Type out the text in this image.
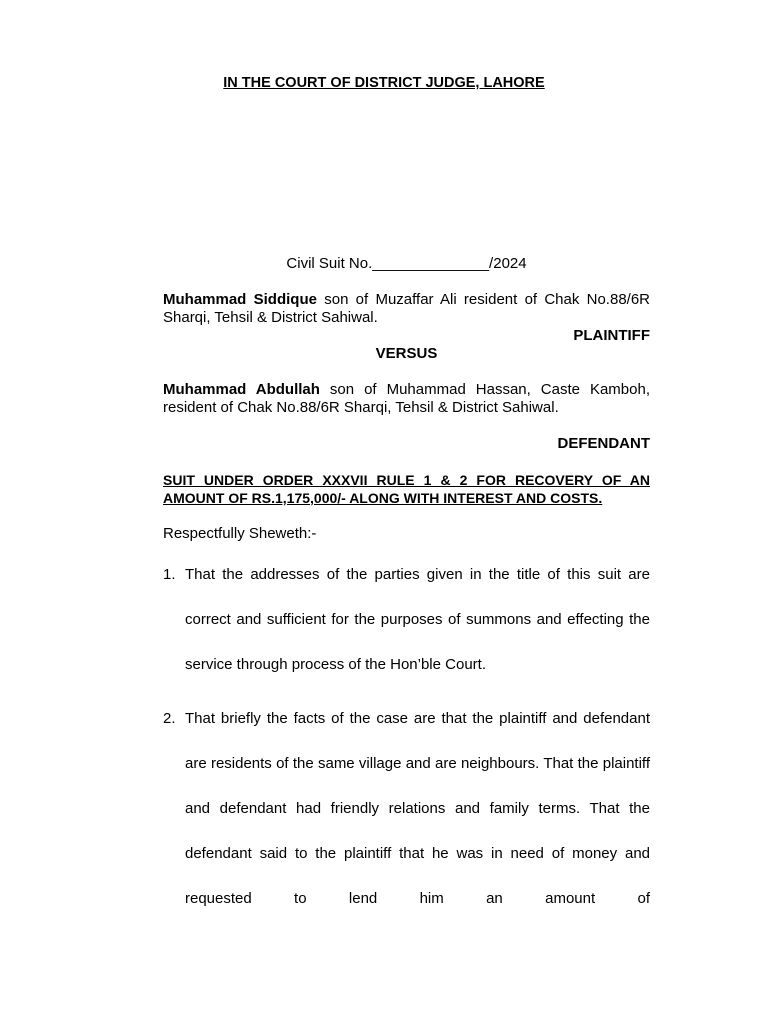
IN THE COURT OF DISTRICT JUDGE, LAHORE

Civil Suit No.______________/2024

Muhammad Siddique son of Muzaffar Ali resident of Chak No.88/6R Sharqi, Tehsil & District Sahiwal.

PLAINTIFF

VERSUS

Muhammad Abdullah son of Muhammad Hassan, Caste Kamboh, resident of Chak No.88/6R Sharqi, Tehsil & District Sahiwal.

DEFENDANT

SUIT UNDER ORDER XXXVII RULE 1 & 2 FOR RECOVERY OF AN AMOUNT OF RS.1,175,000/- ALONG WITH INTEREST AND COSTS.

Respectfully Sheweth:-

1. That the addresses of the parties given in the title of this suit are correct and sufficient for the purposes of summons and effecting the service through process of the Hon’ble Court.
2. That briefly the facts of the case are that the plaintiff and defendant are residents of the same village and are neighbours. That the plaintiff and defendant had friendly relations and family terms. That the defendant said to the plaintiff that he was in need of money and requested to lend him an amount of
